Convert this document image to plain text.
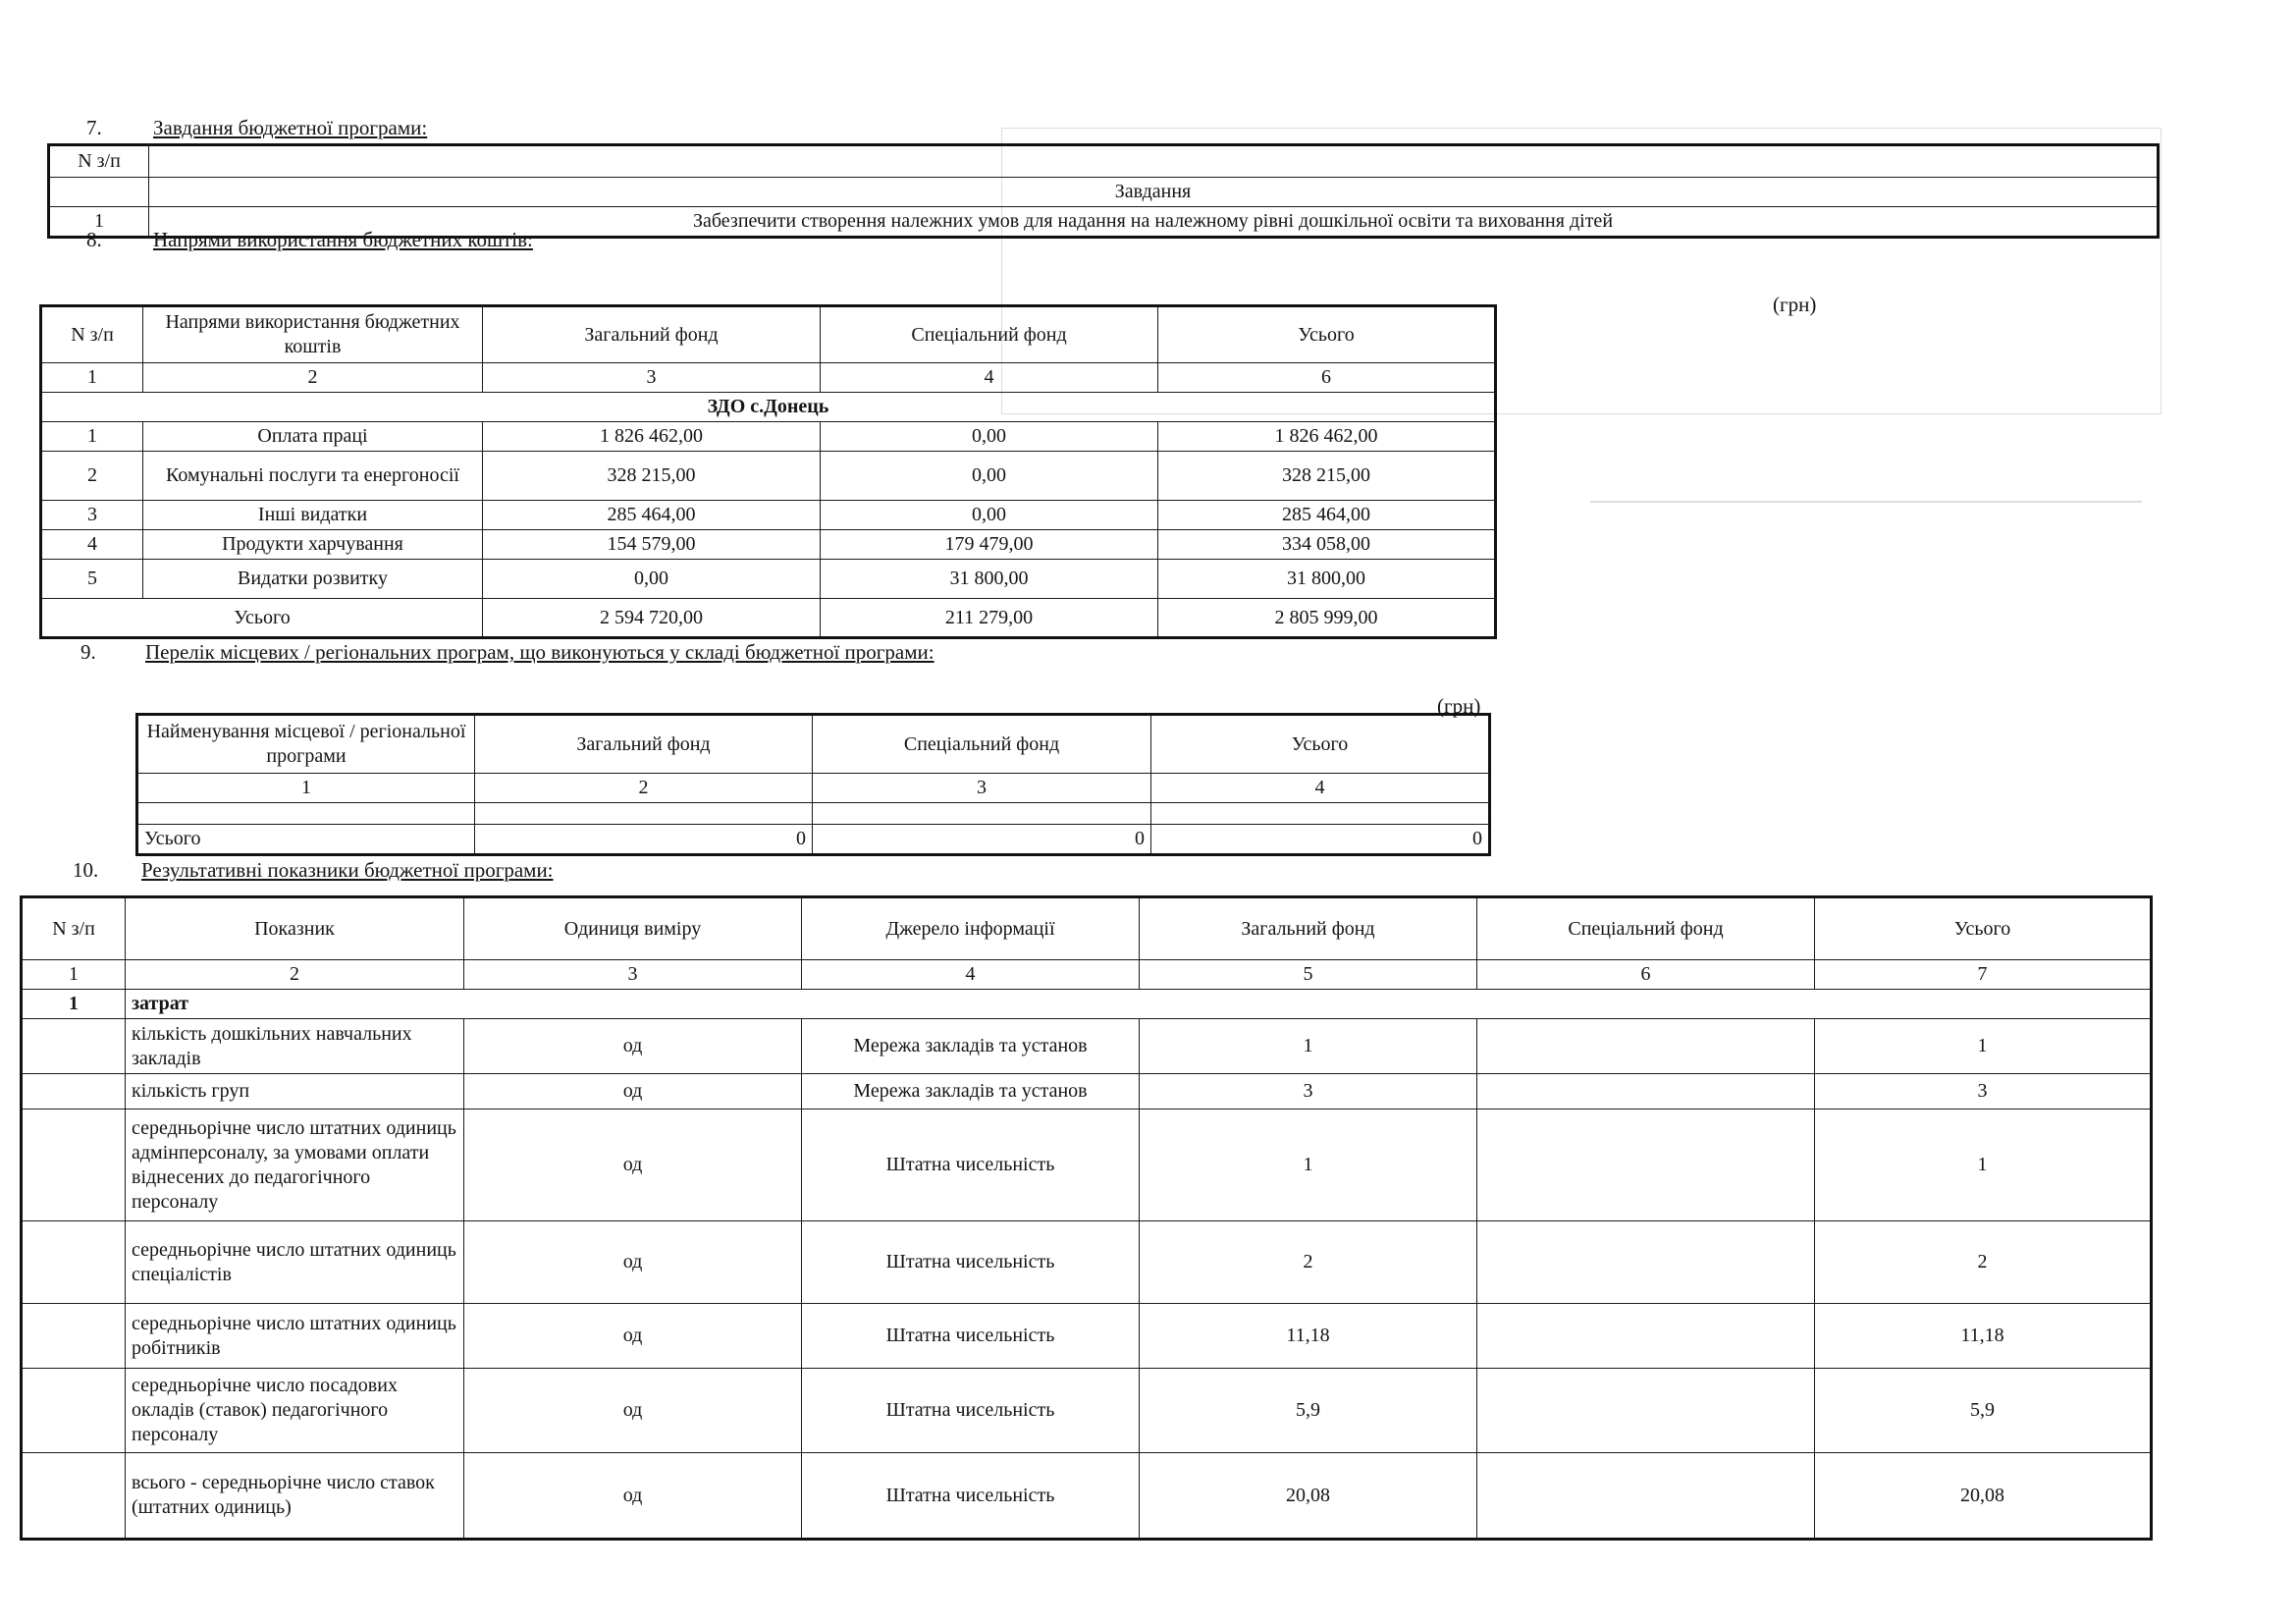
7. Завдання бюджетної програми:
N з/п	
	Завдання
1	Забезпечити створення належних умов для надання на належному рівні дошкільної освіти та виховання дітей
8. Напрями використання бюджетних коштів:
(грн)
N з/п	Напрями використання бюджетних коштів	Загальний фонд	Спеціальний фонд	Усього
1	2	3	4	6
ЗДО с.Донець				
1	Оплата праці	1 826 462,00	0,00	1 826 462,00
2	Комунальні послуги та енергоносії	328 215,00	0,00	328 215,00
3	Інші видатки	285 464,00	0,00	285 464,00
4	Продукти харчування	154 579,00	179 479,00	334 058,00
5	Видатки розвитку	0,00	31 800,00	31 800,00
Усього		2 594 720,00	211 279,00	2 805 999,00
9. Перелік місцевих / регіональних програм, що виконуються у складі бюджетної програми:
(грн)
Найменування місцевої / регіональної програми	Загальний фонд	Спеціальний фонд	Усього
1	2	3	4

Усього	0	0	0
10. Результативні показники бюджетної програми:
N з/п	Показник	Одиниця виміру	Джерело інформації	Загальний фонд	Спеціальний фонд	Усього
1	2	3	4	5	6	7
1	затрат					
	кількість дошкільних навчальних закладів	од	Мережа закладів та установ	1		1
	кількість груп	од	Мережа закладів та установ	3		3
	середньорічне число штатних одиниць адмінперсоналу, за умовами оплати віднесених до педагогічного персоналу	од	Штатна чисельність	1		1
	середньорічне число штатних одиниць спеціалістів	од	Штатна чисельність	2		2
	середньорічне число штатних одиниць робітників	од	Штатна чисельність	11,18		11,18
	середньорічне число посадових окладів (ставок) педагогічного персоналу	од	Штатна чисельність	5,9		5,9
	всього - середньорічне число ставок (штатних одиниць)	од	Штатна чисельність	20,08		20,08
